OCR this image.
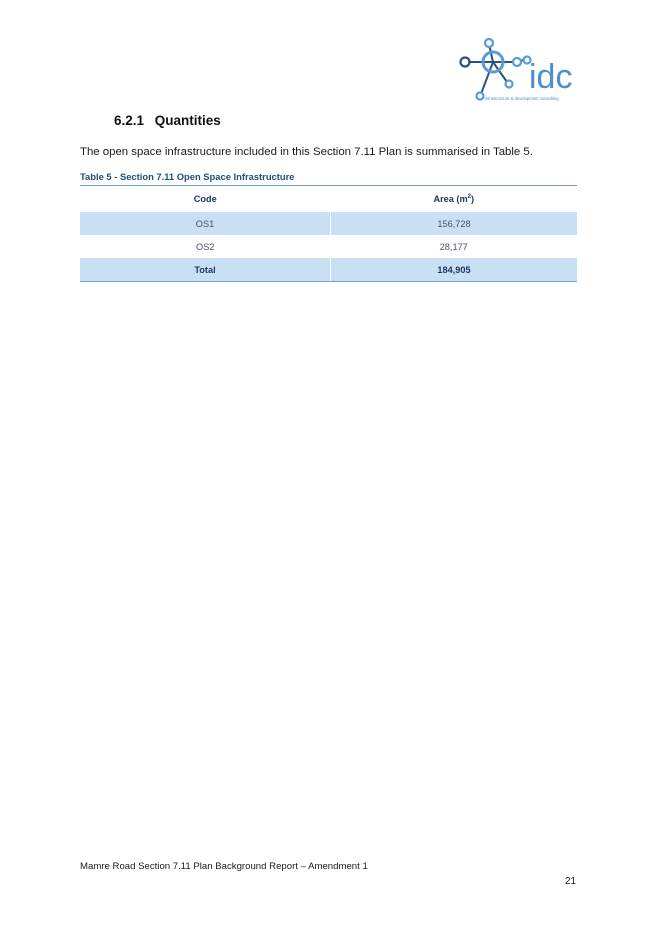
idc
infrastructure & development consulting
6.2.1 Quantities
The open space infrastructure included in this Section 7.11 Plan is summarised in Table 5.
Table 5 - Section 7.11 Open Space Infrastructure
Code	Area $(m^2)$
OS1	156,728
OS2	28,177
Total	184,905
Mamre Road Section 7.11 Plan Background Report – Amendment 1
21
